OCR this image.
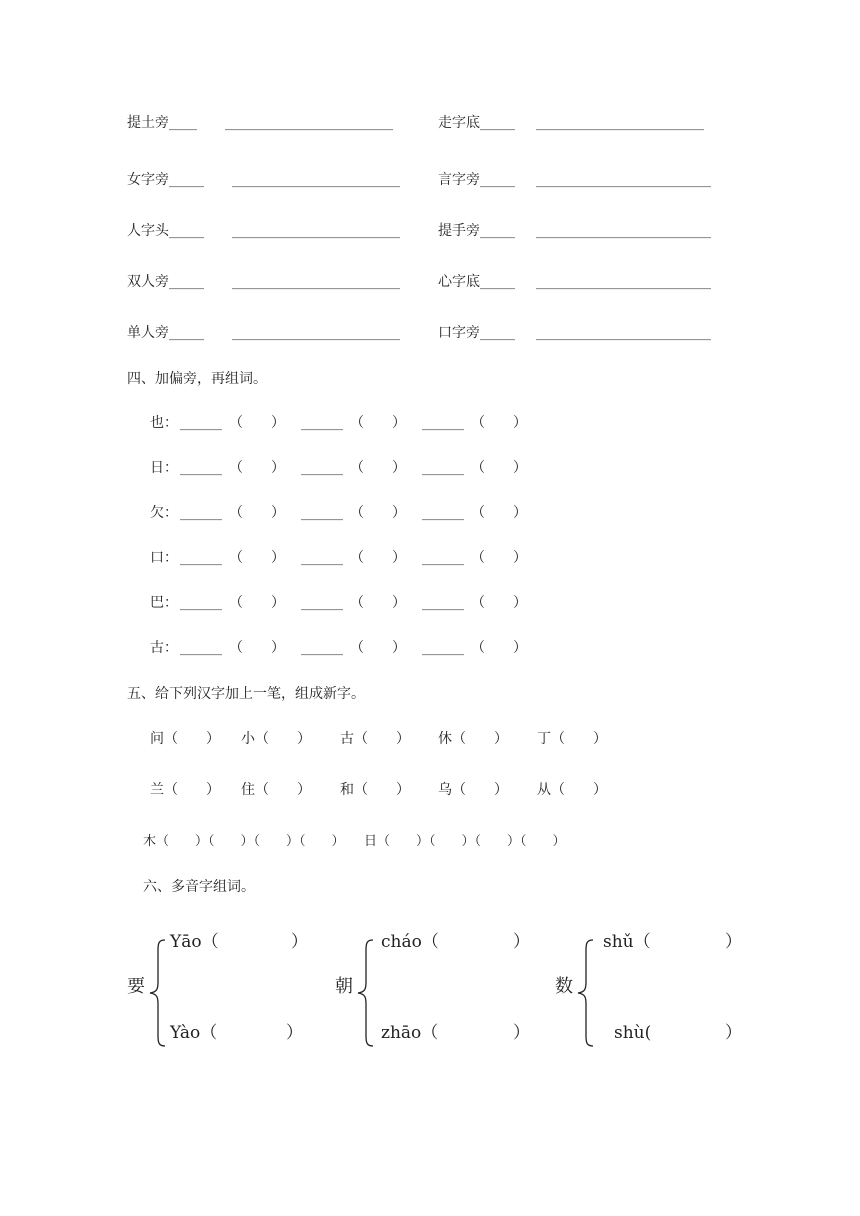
提土旁____ ________________________	走字底_____ ________________________
女字旁_____ ________________________	言字旁_____ _________________________
人字头_____ ________________________	提手旁_____ _________________________
双人旁_____ ________________________	心字底_____ _________________________
单人旁_____ ________________________	口字旁_____ _________________________
四、加偏旁，再组词。
也： ______　（　　） ______　（　　） ______　（　　）
日： ______　（　　） ______　（　　） ______　（　　）
欠： ______　（　　） ______　（　　） ______　（　　）
口： ______　（　　） ______　（　　） ______　（　　）
巴： ______　（　　） ______　（　　） ______　（　　）
古： ______　（　　） ______　（　　） ______　（　　）
五、给下列汉字加上一笔，组成新字。
问（　　） 小（　　） 古（　　） 休（　　） 丁（　　）
兰（　　） 住（　　） 和（　　） 乌（　　） 从（　　）
木（　　）（　　）（　　）（　　）　　日（　　）（　　）（　　）（　　）
六、多音字组词。
要
Yāo（	）
Yào（	）
朝
cháo（	）
zhāo（	）
数
shǔ（	）
shù(	）
